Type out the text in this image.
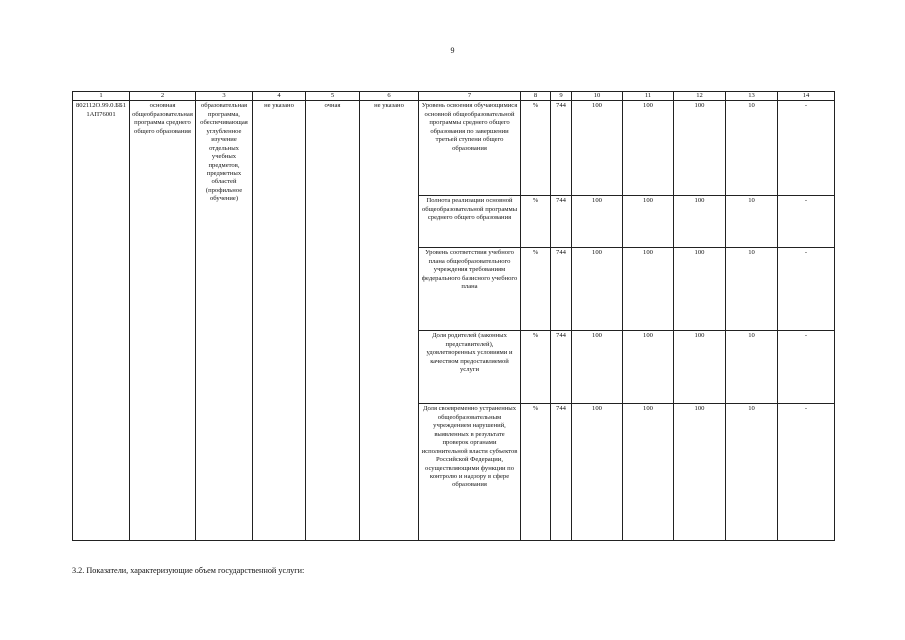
9
1	2	3	4	5	6	7	8	9	10	11	12	13	14
802112О.99.0.ББ11АП76001	основная общеобразовательная программа среднего общего образования	образовательная программа, обеспечивающая углубленное изучение отдельных учебных предметов, предметных областей (профильное обучение)	не указано	очная	не указано	Уровень освоения обучающимися основной общеобразовательной программы среднего общего образования по завершении третьей ступени общего образования	%	744	100	100	100	10	-
						Полнота реализации основной общеобразовательной программы среднего общего образования	%	744	100	100	100	10	-
						Уровень соответствия учебного плана общеобразовательного учреждения требованиям федерального базисного учебного плана	%	744	100	100	100	10	-
						Доля родителей (законных представителей), удовлетворенных условиями и качеством предоставляемой услуги	%	744	100	100	100	10	-
						Доля своевременно устраненных общеобразовательным учреждением нарушений, выявленных в результате проверок органами исполнительной власти субъектов Российской Федерации, осуществляющими функции по контролю и надзору в сфере образования	%	744	100	100	100	10	-
3.2. Показатели, характеризующие объем государственной услуги:
